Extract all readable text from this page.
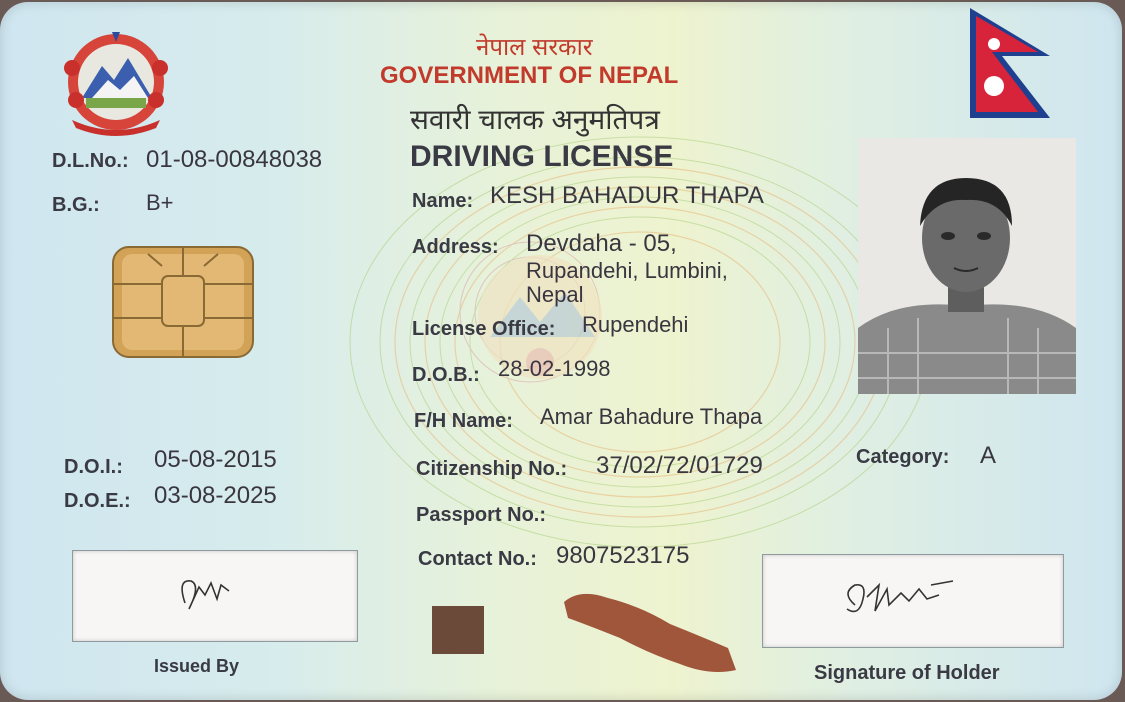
नेपाल सरकार
GOVERNMENT OF NEPAL
सवारी चालक अनुमतिपत्र
DRIVING LICENSE
D.L.No.: 01-08-00848038
B.G.: B+
D.O.I.: 05-08-2015
D.O.E.: 03-08-2025
Issued By
Name: KESH BAHADUR THAPA
Address: Devdaha - 05,
Rupandehi, Lumbini,
Nepal
License Office: Rupendehi
D.O.B.: 28-02-1998
F/H Name: Amar Bahadure Thapa
Citizenship No.: 37/02/72/01729
Passport No.:
Contact No.: 9807523175
Category: A
Signature of Holder
